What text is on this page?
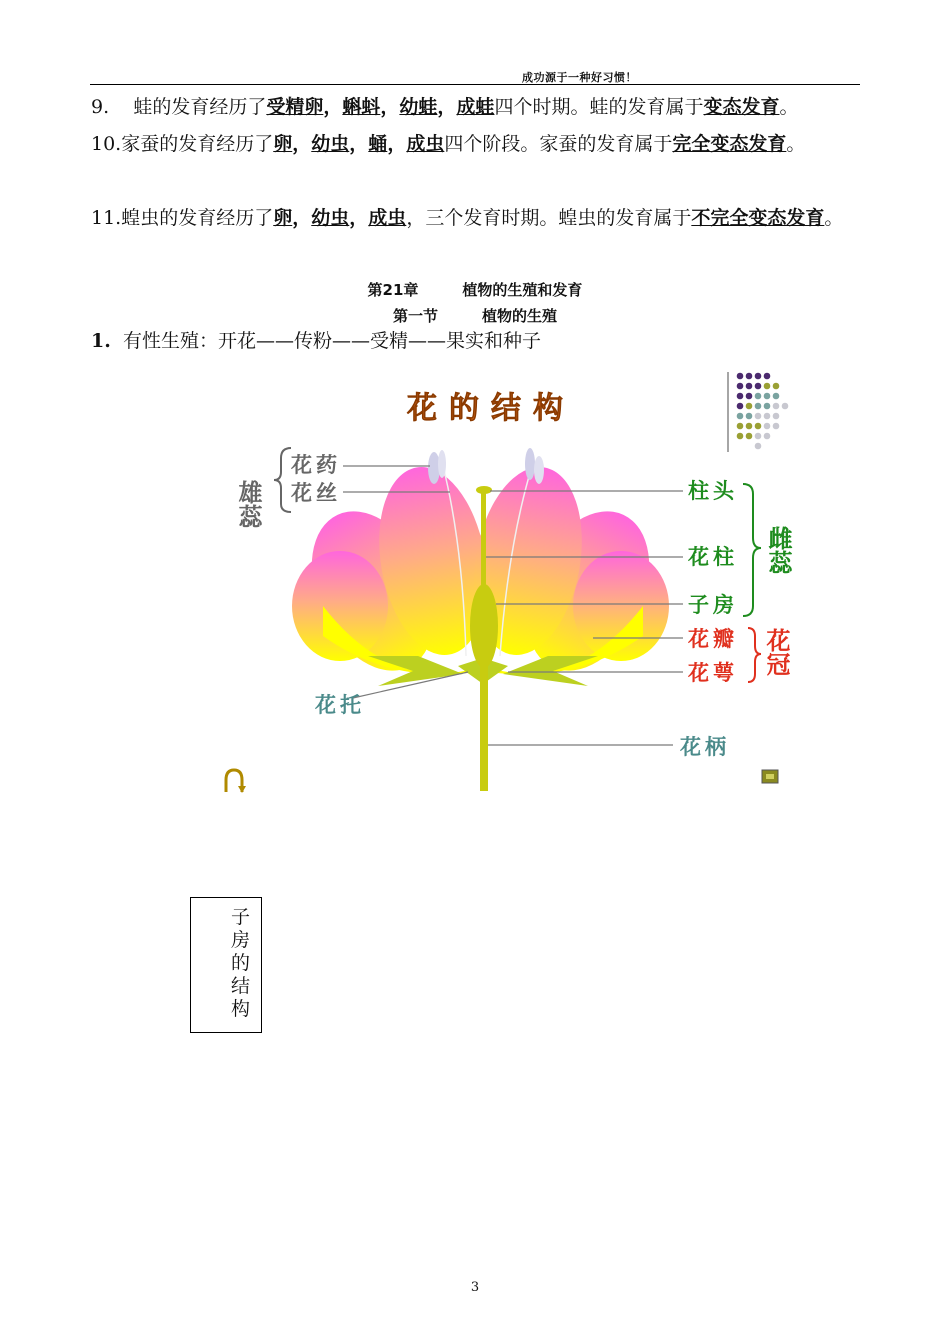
成功源于一种好习惯！
9. 蛙的发育经历了受精卵，蝌蚪，幼蛙，成蛙四个时期。蛙的发育属于变态发育。
10.家蚕的发育经历了卵，幼虫，蛹，成虫四个阶段。家蚕的发育属于完全变态发育。
11.蝗虫的发育经历了卵，幼虫，成虫，三个发育时期。蝗虫的发育属于不完全变态发育。
第21章	植物的生殖和发育
第一节	植物的生殖
1. 有性生殖：开花——传粉——受精——果实和种子
花的结构
雄蕊
雌蕊
花冠
花药
花丝	柱头
花柱
子房
花瓣
花萼
花托
花柄
子房的结构
3
